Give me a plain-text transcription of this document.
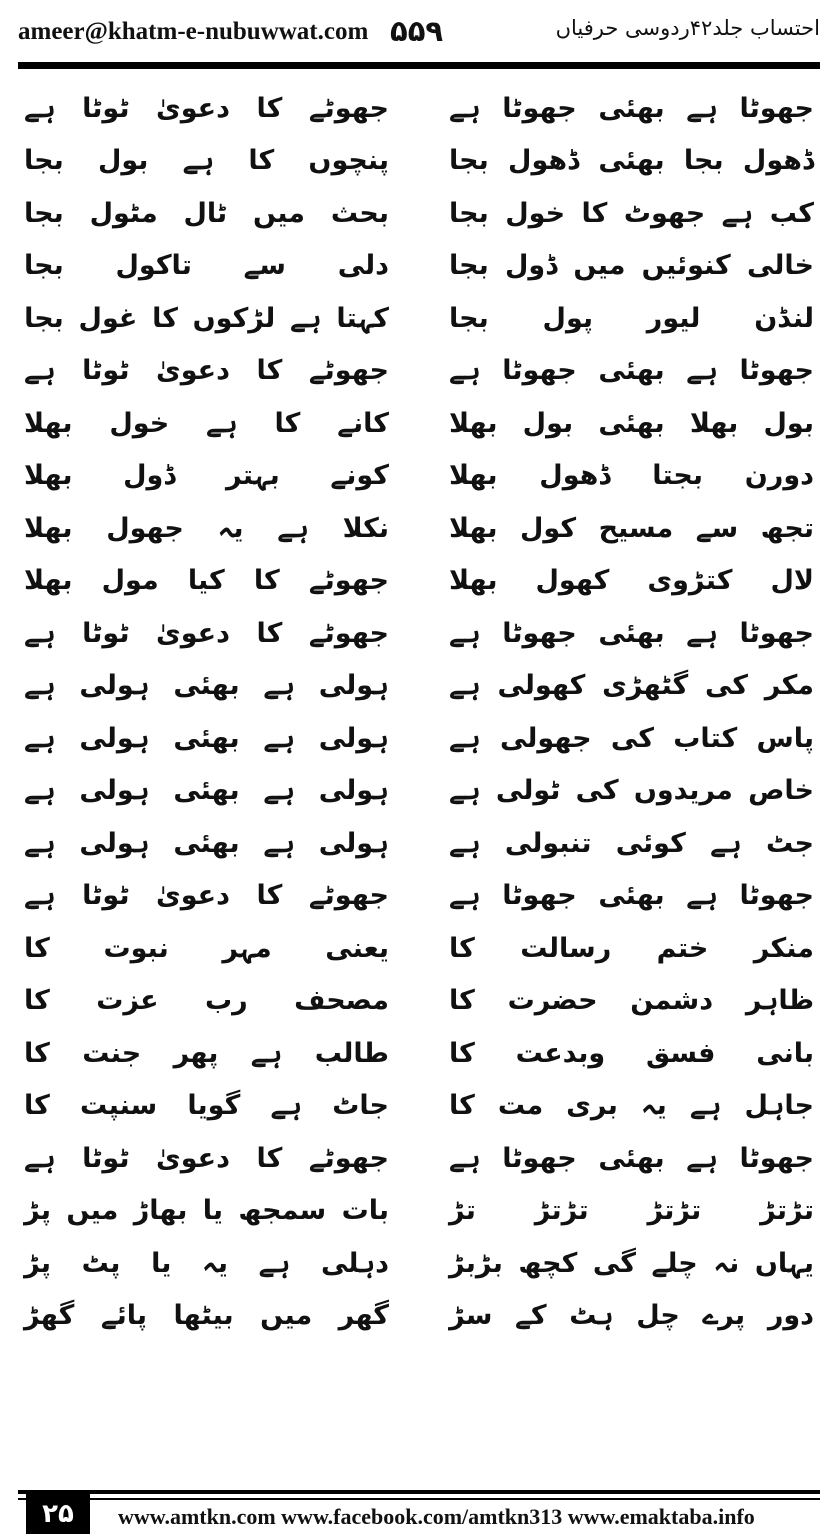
ameer@khatm-e-nubuwwat.com ۵۵۹	احتساب جلد۴۲ردوسی حرفیاں
جھوٹا
ہے
بھئی
جھوٹا
ہے
جھوٹے
کا
دعویٰ
ٹوٹا
ہے
ڈھول
بجا
بھئی
ڈھول
بجا
پنچوں
کا
ہے
بول
بجا
کب
ہے
جھوٹ
کا
خول
بجا
بحث
میں
ٹال
مٹول
بجا
خالی
کنوئیں
میں
ڈول
بجا
دلی
سے
تاکول
بجا
لنڈن
لیور
پول
بجا
کہتا
ہے
لڑکوں
کا
غول
بجا
جھوٹا
ہے
بھئی
جھوٹا
ہے
جھوٹے
کا
دعویٰ
ٹوٹا
ہے
بول
بھلا
بھئی
بول
بھلا
کانے
کا
ہے
خول
بھلا
دورن
بجتا
ڈھول
بھلا
کونے
بہتر
ڈول
بھلا
تجھ
سے
مسیح
کول
بھلا
نکلا
ہے
یہ
جھول
بھلا
لال
کتڑوی
کھول
بھلا
جھوٹے
کا
کیا
مول
بھلا
جھوٹا
ہے
بھئی
جھوٹا
ہے
جھوٹے
کا
دعویٰ
ٹوٹا
ہے
مکر
کی
گٹھڑی
کھولی
ہے
ہولی
ہے
بھئی
ہولی
ہے
پاس
کتاب
کی
جھولی
ہے
ہولی
ہے
بھئی
ہولی
ہے
خاص
مریدوں
کی
ٹولی
ہے
ہولی
ہے
بھئی
ہولی
ہے
جٹ
ہے
کوئی
تنبولی
ہے
ہولی
ہے
بھئی
ہولی
ہے
جھوٹا
ہے
بھئی
جھوٹا
ہے
جھوٹے
کا
دعویٰ
ٹوٹا
ہے
منکر
ختم
رسالت
کا
یعنی
مہر
نبوت
کا
ظاہر
دشمن
حضرت
کا
مصحف
رب
عزت
کا
بانی
فسق
وبدعت
کا
طالب
ہے
پھر
جنت
کا
جاہل
ہے
یہ
بری
مت
کا
جاٹ
ہے
گویا
سنپت
کا
جھوٹا
ہے
بھئی
جھوٹا
ہے
جھوٹے
کا
دعویٰ
ٹوٹا
ہے
تڑتڑ
تڑتڑ
تڑتڑ
تڑ
بات
سمجھ
یا
بھاڑ
میں
پڑ
یہاں
نہ
چلے
گی
کچھ
بڑبڑ
دہلی
ہے
یہ
یا
پٹ
پڑ
دور
پرے
چل
ہٹ
کے
سڑ
گھر
میں
بیٹھا
پائے
گھڑ
۲۵	www.amtkn.com www.facebook.com/amtkn313 www.emaktaba.info
